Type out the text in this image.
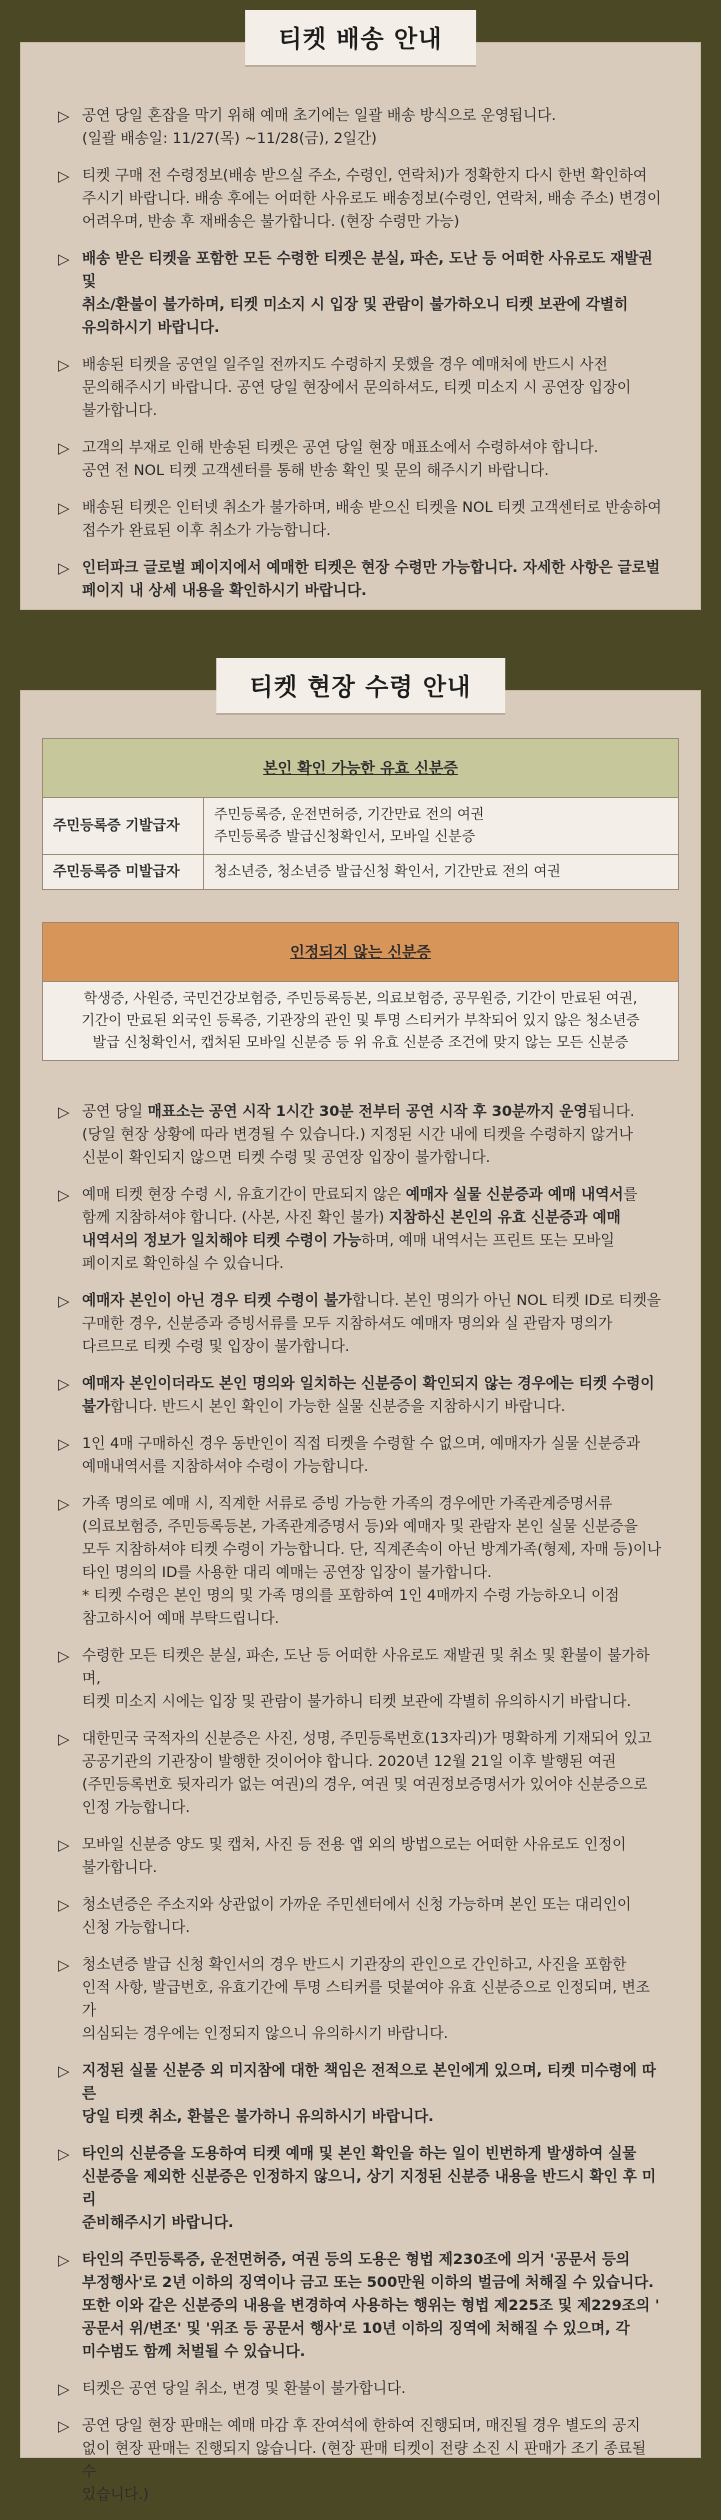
티켓 배송 안내
▷ 공연 당일 혼잡을 막기 위해 예매 초기에는 일괄 배송 방식으로 운영됩니다.
(일괄 배송일: 11/27(목) ~11/28(금), 2일간)
▷ 티켓 구매 전 수령정보(배송 받으실 주소, 수령인, 연락처)가 정확한지 다시 한번 확인하여
주시기 바랍니다. 배송 후에는 어떠한 사유로도 배송정보(수령인, 연락처, 배송 주소) 변경이
어려우며, 반송 후 재배송은 불가합니다. (현장 수령만 가능)
▷ 배송 받은 티켓을 포함한 모든 수령한 티켓은 분실, 파손, 도난 등 어떠한 사유로도 재발권 및
취소/환불이 불가하며, 티켓 미소지 시 입장 및 관람이 불가하오니 티켓 보관에 각별히
유의하시기 바랍니다.
▷ 배송된 티켓을 공연일 일주일 전까지도 수령하지 못했을 경우 예매처에 반드시 사전
문의해주시기 바랍니다. 공연 당일 현장에서 문의하셔도, 티켓 미소지 시 공연장 입장이
불가합니다.
▷ 고객의 부재로 인해 반송된 티켓은 공연 당일 현장 매표소에서 수령하셔야 합니다.
공연 전 NOL 티켓 고객센터를 통해 반송 확인 및 문의 해주시기 바랍니다.
▷ 배송된 티켓은 인터넷 취소가 불가하며, 배송 받으신 티켓을 NOL 티켓 고객센터로 반송하여
접수가 완료된 이후 취소가 가능합니다.
▷ 인터파크 글로벌 페이지에서 예매한 티켓은 현장 수령만 가능합니다. 자세한 사항은 글로벌
페이지 내 상세 내용을 확인하시기 바랍니다.
티켓 현장 수령 안내
본인 확인 가능한 유효 신분증	
주민등록증 기발급자	주민등록증, 운전면허증, 기간만료 전의 여권
주민등록증 발급신청확인서, 모바일 신분증

주민등록증 미발급자	청소년증, 청소년증 발급신청 확인서, 기간만료 전의 여권
인정되지 않는 신분증

학생증, 사원증, 국민건강보험증, 주민등록등본, 의료보험증, 공무원증, 기간이 만료된 여권,
기간이 만료된 외국인 등록증, 기관장의 관인 및 투명 스티커가 부착되어 있지 않은 청소년증
발급 신청확인서, 캡처된 모바일 신분증 등 위 유효 신분증 조건에 맞지 않는 모든 신분증
▷ 공연 당일 매표소는 공연 시작 1시간 30분 전부터 공연 시작 후 30분까지 운영됩니다.
(당일 현장 상황에 따라 변경될 수 있습니다.) 지정된 시간 내에 티켓을 수령하지 않거나
신분이 확인되지 않으면 티켓 수령 및 공연장 입장이 불가합니다.
▷ 예매 티켓 현장 수령 시, 유효기간이 만료되지 않은 예매자 실물 신분증과 예매 내역서를
함께 지참하셔야 합니다. (사본, 사진 확인 불가) 지참하신 본인의 유효 신분증과 예매
내역서의 정보가 일치해야 티켓 수령이 가능하며, 예매 내역서는 프린트 또는 모바일
페이지로 확인하실 수 있습니다.
▷ 예매자 본인이 아닌 경우 티켓 수령이 불가합니다. 본인 명의가 아닌 NOL 티켓 ID로 티켓을
구매한 경우, 신분증과 증빙서류를 모두 지참하셔도 예매자 명의와 실 관람자 명의가
다르므로 티켓 수령 및 입장이 불가합니다.
▷ 예매자 본인이더라도 본인 명의와 일치하는 신분증이 확인되지 않는 경우에는 티켓 수령이
불가합니다. 반드시 본인 확인이 가능한 실물 신분증을 지참하시기 바랍니다.
▷ 1인 4매 구매하신 경우 동반인이 직접 티켓을 수령할 수 없으며, 예매자가 실물 신분증과
예매내역서를 지참하셔야 수령이 가능합니다.
▷ 가족 명의로 예매 시, 직계한 서류로 증빙 가능한 가족의 경우에만 가족관계증명서류
(의료보험증, 주민등록등본, 가족관계증명서 등)와 예매자 및 관람자 본인 실물 신분증을
모두 지참하셔야 티켓 수령이 가능합니다. 단, 직계존속이 아닌 방계가족(형제, 자매 등)이나
타인 명의의 ID를 사용한 대리 예매는 공연장 입장이 불가합니다.
* 티켓 수령은 본인 명의 및 가족 명의를 포함하여 1인 4매까지 수령 가능하오니 이점
참고하시어 예매 부탁드립니다.
▷ 수령한 모든 티켓은 분실, 파손, 도난 등 어떠한 사유로도 재발권 및 취소 및 환불이 불가하며,
티켓 미소지 시에는 입장 및 관람이 불가하니 티켓 보관에 각별히 유의하시기 바랍니다.
▷ 대한민국 국적자의 신분증은 사진, 성명, 주민등록번호(13자리)가 명확하게 기재되어 있고
공공기관의 기관장이 발행한 것이어야 합니다. 2020년 12월 21일 이후 발행된 여권
(주민등록번호 뒷자리가 없는 여권)의 경우, 여권 및 여권정보증명서가 있어야 신분증으로
인정 가능합니다.
▷ 모바일 신분증 양도 및 캡처, 사진 등 전용 앱 외의 방법으로는 어떠한 사유로도 인정이
불가합니다.
▷ 청소년증은 주소지와 상관없이 가까운 주민센터에서 신청 가능하며 본인 또는 대리인이
신청 가능합니다.
▷ 청소년증 발급 신청 확인서의 경우 반드시 기관장의 관인으로 간인하고, 사진을 포함한
인적 사항, 발급번호, 유효기간에 투명 스티커를 덧붙여야 유효 신분증으로 인정되며, 변조가
의심되는 경우에는 인정되지 않으니 유의하시기 바랍니다.
▷ 지정된 실물 신분증 외 미지참에 대한 책임은 전적으로 본인에게 있으며, 티켓 미수령에 따른
당일 티켓 취소, 환불은 불가하니 유의하시기 바랍니다.
▷ 타인의 신분증을 도용하여 티켓 예매 및 본인 확인을 하는 일이 빈번하게 발생하여 실물
신분증을 제외한 신분증은 인정하지 않으니, 상기 지정된 신분증 내용을 반드시 확인 후 미리
준비해주시기 바랍니다.
▷ 타인의 주민등록증, 운전면허증, 여권 등의 도용은 형법 제230조에 의거 '공문서 등의
부정행사'로 2년 이하의 징역이나 금고 또는 500만원 이하의 벌금에 처해질 수 있습니다.
또한 이와 같은 신분증의 내용을 변경하여 사용하는 행위는 형법 제225조 및 제229조의 '
공문서 위/변조' 및 '위조 등 공문서 행사'로 10년 이하의 징역에 처해질 수 있으며, 각
미수범도 함께 처벌될 수 있습니다.
▷ 티켓은 공연 당일 취소, 변경 및 환불이 불가합니다.
▷ 공연 당일 현장 판매는 예매 마감 후 잔여석에 한하여 진행되며, 매진될 경우 별도의 공지
없이 현장 판매는 진행되지 않습니다. (현장 판매 티켓이 전량 소진 시 판매가 조기 종료될 수
있습니다.)
